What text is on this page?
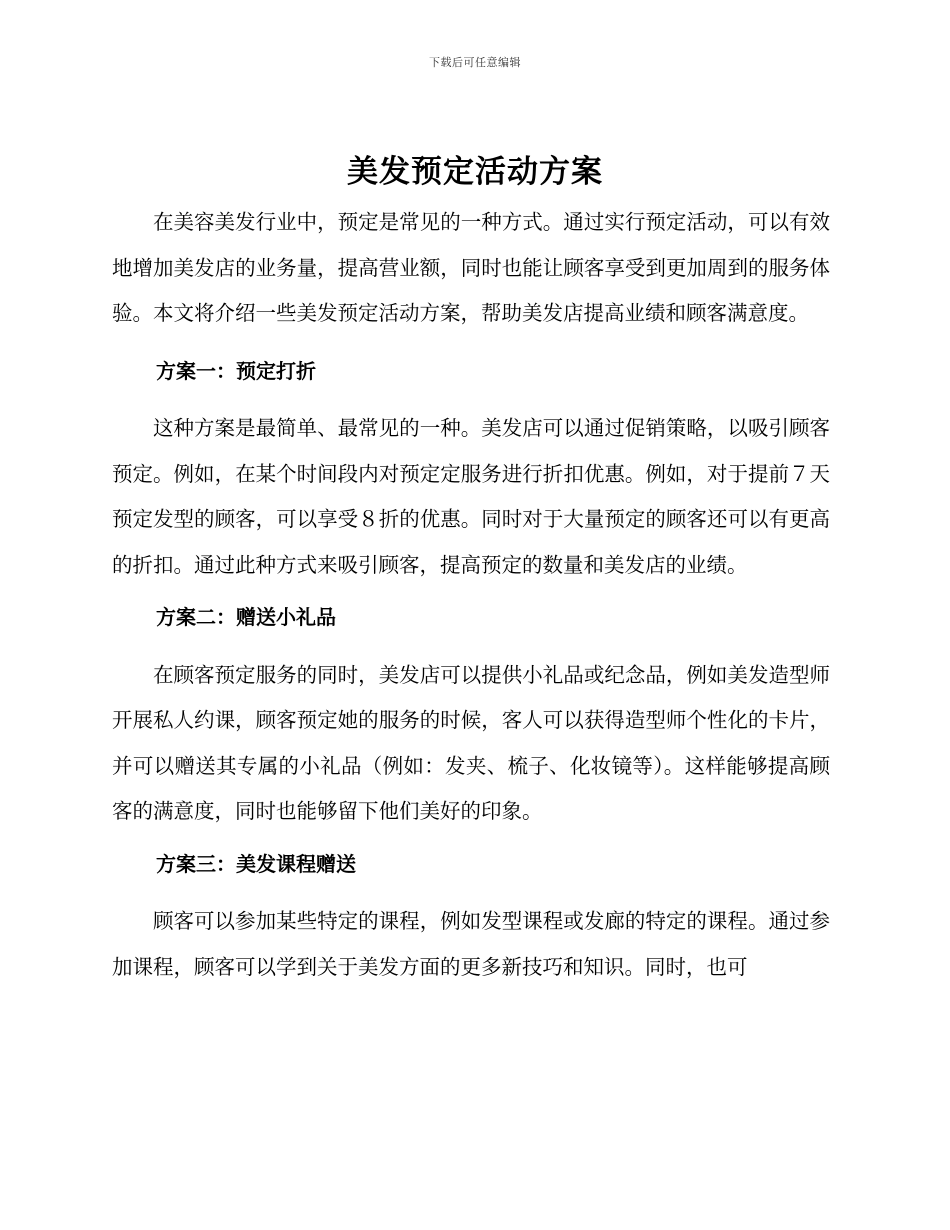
下载后可任意编辑
美发预定活动方案

在美容美发行业中，预定是常见的一种方式。通过实行预定活动，可以有效地增加美发店的业务量，提高营业额，同时也能让顾客享受到更加周到的服务体验。本文将介绍一些美发预定活动方案，帮助美发店提高业绩和顾客满意度。

方案一：预定打折

这种方案是最简单、最常见的一种。美发店可以通过促销策略，以吸引顾客预定。例如，在某个时间段内对预定定服务进行折扣优惠。例如，对于提前７天预定发型的顾客，可以享受８折的优惠。同时对于大量预定的顾客还可以有更高的折扣。通过此种方式来吸引顾客，提高预定的数量和美发店的业绩。

方案二：赠送小礼品

在顾客预定服务的同时，美发店可以提供小礼品或纪念品，例如美发造型师开展私人约课，顾客预定她的服务的时候，客人可以获得造型师个性化的卡片，并可以赠送其专属的小礼品（例如：发夹、梳子、化妆镜等）。这样能够提高顾客的满意度，同时也能够留下他们美好的印象。

方案三：美发课程赠送

顾客可以参加某些特定的课程，例如发型课程或发廊的特定的课程。通过参加课程，顾客可以学到关于美发方面的更多新技巧和知识。同时，也可
